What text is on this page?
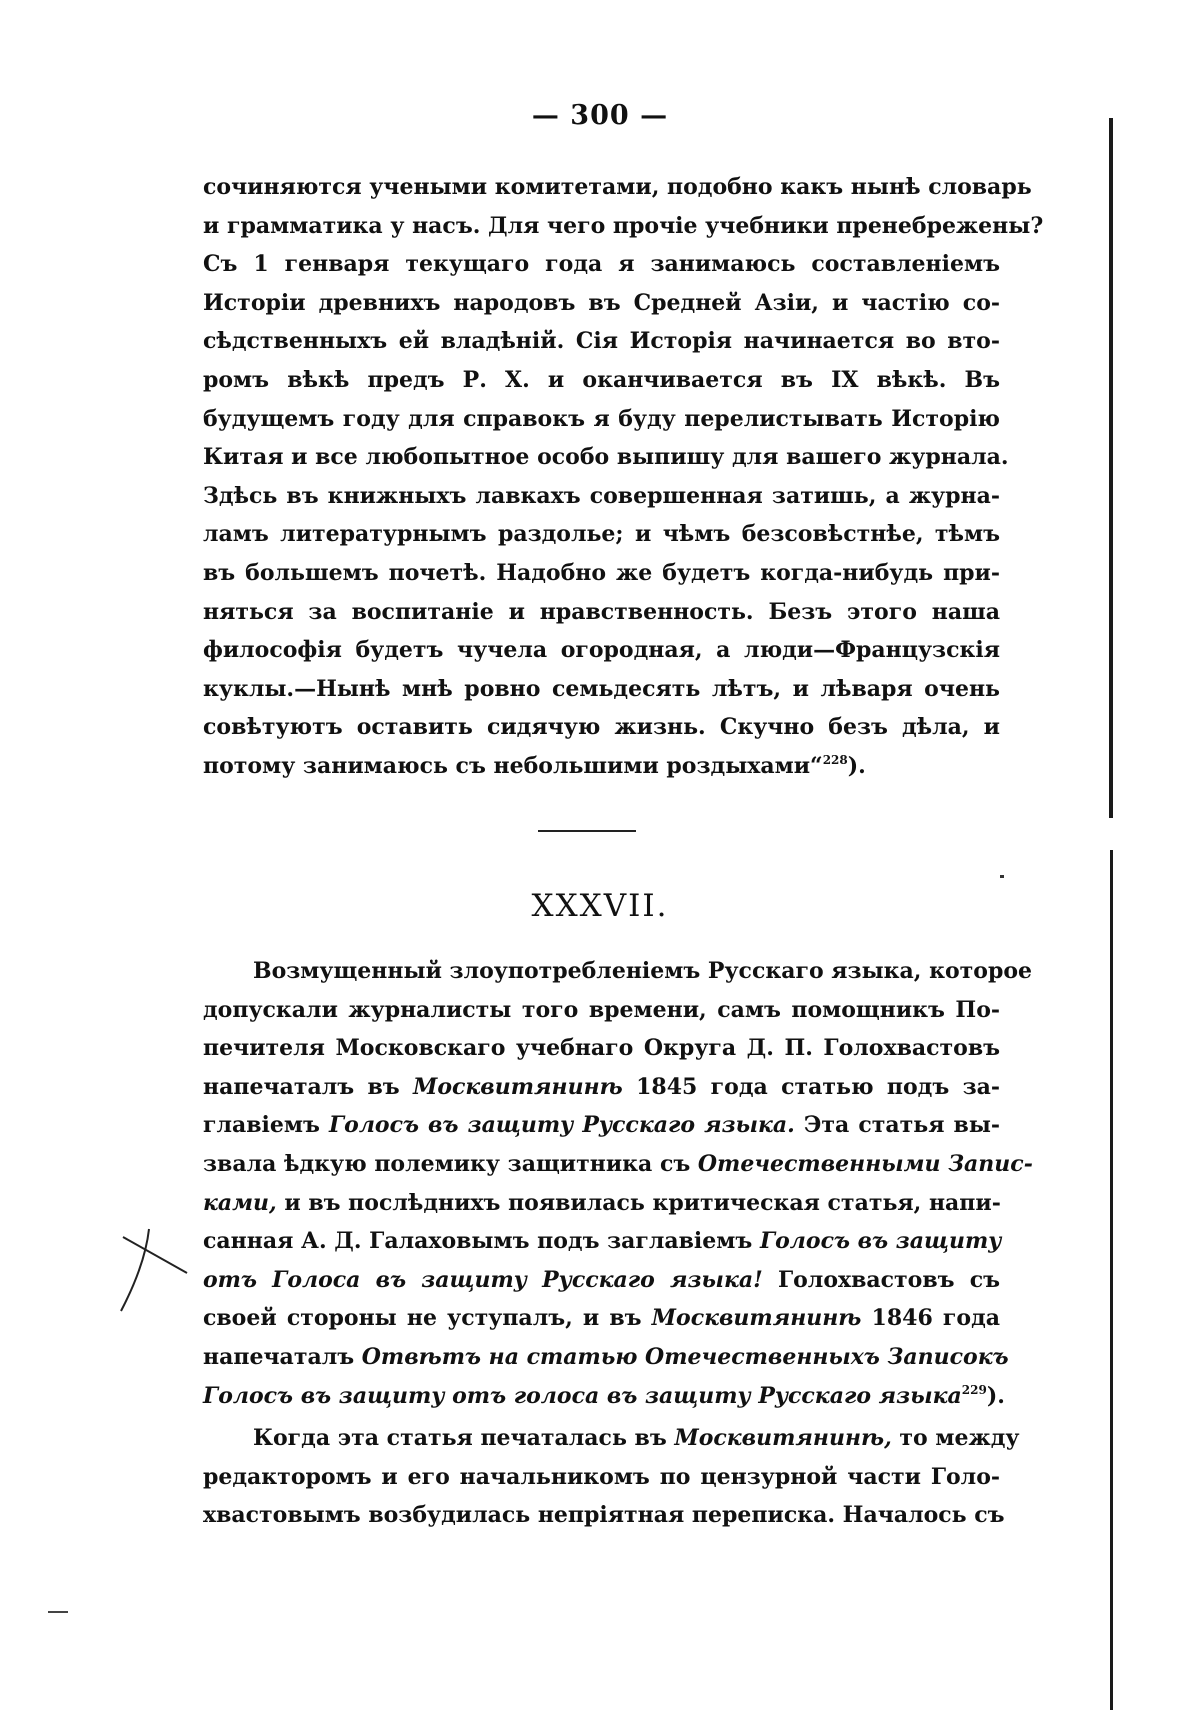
— 300 —
сочиняются учеными комитетами, подобно какъ нынѣ словарь
и грамматика у насъ. Для чего прочіе учебники пренебрежены?
Съ 1 генваря текущаго года я занимаюсь составленіемъ
Исторіи древнихъ народовъ въ Средней Азіи, и частію со-
сѣдственныхъ ей владѣній. Сія Исторія начинается во вто-
ромъ вѣкѣ предъ Р. Х. и оканчивается въ IX вѣкѣ. Въ
будущемъ году для справокъ я буду перелистывать Исторію
Китая и все любопытное особо выпишу для вашего журнала.
Здѣсь въ книжныхъ лавкахъ совершенная затишь, а журна-
ламъ литературнымъ раздолье; и чѣмъ безсовѣстнѣе, тѣмъ
въ большемъ почетѣ. Надобно же будетъ когда-нибудь при-
няться за воспитаніе и нравственность. Безъ этого наша
философія будетъ чучела огородная, а люди—Французскія
куклы.—Нынѣ мнѣ ровно семьдесять лѣтъ, и лѣваря очень
совѣтуютъ оставить сидячую жизнь. Скучно безъ дѣла, и
потому занимаюсь съ небольшими роздыхами“$^{228}$).
XXXVII.
Возмущенный злоупотребленіемъ Русскаго языка, которое
допускали журналисты того времени, самъ помощникъ По-
печителя Московскаго учебнаго Округа Д. П. Голохвастовъ
напечаталъ въ Москвитянинѣ 1845 года статью подъ за-
главіемъ Голосъ въ защиту Русскаго языка. Эта статья вы-
звала ѣдкую полемику защитника съ Отечественными Запис-
ками, и въ послѣднихъ появилась критическая статья, напи-
санная А. Д. Галаховымъ подъ заглавіемъ Голосъ въ защиту
отъ Голоса въ защиту Русскаго языка! Голохвастовъ съ
своей стороны не уступалъ, и въ Москвитянинѣ 1846 года
напечаталъ Отвѣтъ на статью Отечественныхъ Записокъ
Голосъ въ защиту отъ голоса въ защиту Русскаго языка$^{229}$).
Когда эта статья печаталась въ Москвитянинѣ, то между
редакторомъ и его начальникомъ по цензурной части Голо-
хвастовымъ возбудилась непріятная переписка. Началось съ
